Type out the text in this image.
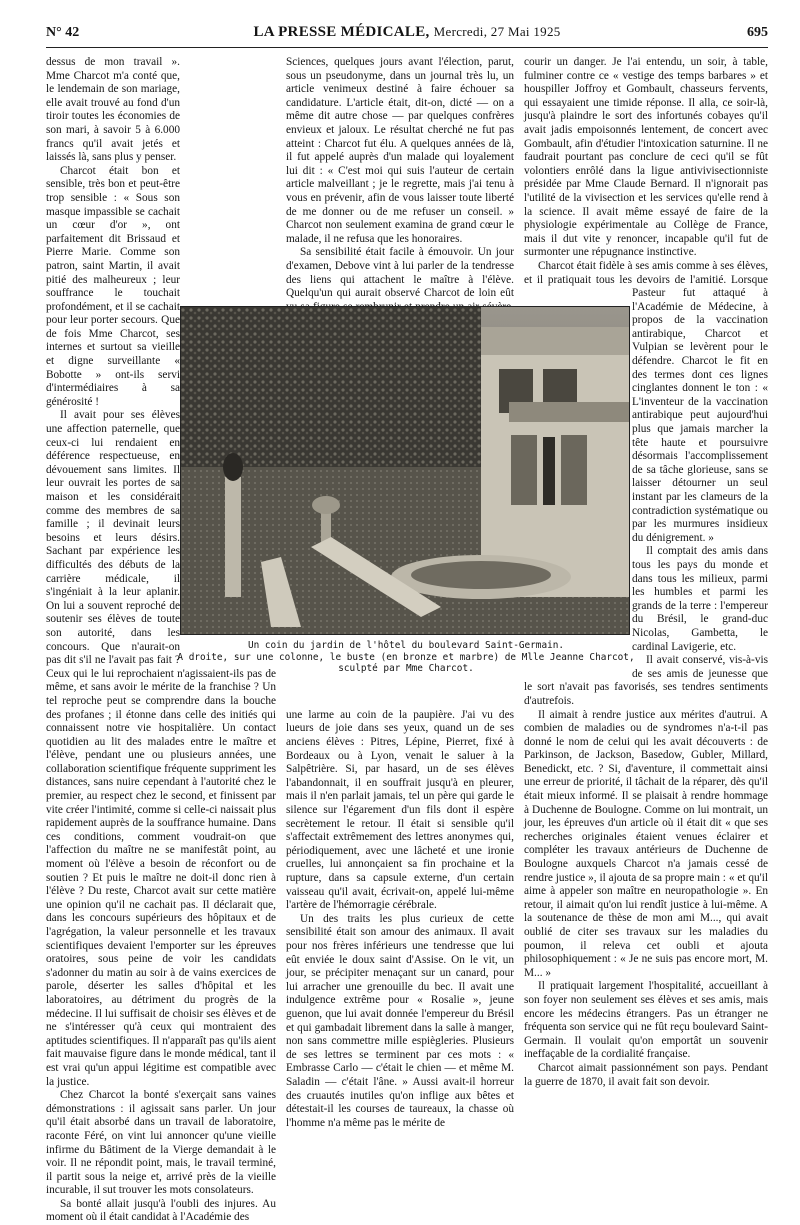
N° 42	LA PRESSE MÉDICALE, Mercredi, 27 Mai 1925	695

dessus de mon travail ». Mme Charcot m'a conté que, le lendemain de son mariage, elle avait trouvé au fond d'un tiroir toutes les économies de son mari, à savoir 5 à 6.000 francs qu'il avait jetés et laissés là, sans plus y penser.

Charcot était bon et sensible, très bon et peut-être trop sensible : « Sous son masque impassible se cachait un cœur d'or », ont parfaitement dit Brissaud et Pierre Marie. Comme son patron, saint Martin, il avait pitié des malheureux ; leur souffrance le touchait profondément, et il se cachait pour leur porter secours. Que de fois Mme Charcot, ses internes et surtout sa vieille et digne surveillante « Bobotte » ont-ils servi d'intermédiaires à sa générosité !

Il avait pour ses élèves une affection paternelle, que ceux-ci lui rendaient en déférence respectueuse, en dévouement sans limites. Il leur ouvrait les portes de sa maison et les considérait comme des membres de sa famille ; il devinait leurs besoins et leurs désirs. Sachant par expérience les difficultés des débuts de la carrière médicale, il s'ingéniait à la leur aplanir. On lui a souvent reproché de soutenir ses élèves de toute son autorité, dans les concours. Que n'aurait-on pas dit s'il ne l'avait pas fait ? Ceux qui le lui reprochaient n'agissaient-ils pas de même, et sans avoir le mérite de la franchise ? Un tel reproche peut se comprendre dans la bouche des profanes ; il étonne dans celle des initiés qui connaissent notre vie hospitalière. Un contact quotidien au lit des malades entre le maître et l'élève, pendant une ou plusieurs années, une collaboration scientifique fréquente suppriment les distances, sans nuire cependant à l'autorité chez le premier, au respect chez le second, et finissent par vite créer l'intimité, comme si celle-ci naissait plus rapidement auprès de la souffrance humaine. Dans ces conditions, comment voudrait-on que l'affection du maître ne se manifestât point, au moment où l'élève a besoin de réconfort ou de soutien ? Et puis le maître ne doit-il donc rien à l'élève ? Du reste, Charcot avait sur cette matière une opinion qu'il ne cachait pas. Il déclarait que, dans les concours supérieurs des hôpitaux et de l'agrégation, la valeur personnelle et les travaux scientifiques devaient l'emporter sur les épreuves oratoires, sous peine de voir les candidats s'adonner du matin au soir à de vains exercices de parole, déserter les salles d'hôpital et les laboratoires, au détriment du progrès de la médecine. Il lui suffisait de choisir ses élèves et de ne s'intéresser qu'à ceux qui montraient des aptitudes scientifiques. Il n'apparaît pas qu'ils aient fait mauvaise figure dans le monde médical, tant il est vrai qu'un appui légitime est compatible avec la justice.

Chez Charcot la bonté s'exerçait sans vaines démonstrations : il agissait sans parler. Un jour qu'il était absorbé dans un travail de laboratoire, raconte Féré, on vint lui annoncer qu'une vieille infirme du Bâtiment de la Vierge demandait à le voir. Il ne répondit point, mais, le travail terminé, il partit sous la neige et, arrivé près de la vieille incurable, il sut trouver les mots consolateurs.

Sa bonté allait jusqu'à l'oubli des injures. Au moment où il était candidat à l'Académie des

Sciences, quelques jours avant l'élection, parut, sous un pseudonyme, dans un journal très lu, un article venimeux destiné à faire échouer sa candidature. L'article était, dit-on, dicté — on a même dit autre chose — par quelques confrères envieux et jaloux. Le résultat cherché ne fut pas atteint : Charcot fut élu. A quelques années de là, il fut appelé auprès d'un malade qui loyalement lui dit : « C'est moi qui suis l'auteur de certain article malveillant ; je le regrette, mais j'ai tenu à vous en prévenir, afin de vous laisser toute liberté de me donner ou de me refuser un conseil. » Charcot non seulement examina de grand cœur le malade, il ne refusa que les honoraires.

Sa sensibilité était facile à émouvoir. Un jour d'examen, Debove vint à lui parler de la tendresse des liens qui attachent le maître à l'élève. Quelqu'un qui aurait observé Charcot de loin eût

une larme au coin de la paupière. J'ai vu des lueurs de joie dans ses yeux, quand un de ses anciens élèves : Pitres, Lépine, Pierret, fixé à Bordeaux ou à Lyon, venait le saluer à la Salpêtrière. Si, par hasard, un de ses élèves l'abandonnait, il en souffrait jusqu'à en pleurer, mais il n'en parlait jamais, tel un père qui garde le silence sur l'égarement d'un fils dont il espère secrètement le retour. Il était si sensible qu'il s'affectait extrêmement des lettres anonymes qui, périodiquement, avec une lâcheté et une ironie cruelles, lui annonçaient sa fin prochaine et la rupture, dans sa capsule externe, d'un certain vaisseau qu'il avait, écrivait-on, appelé lui-même l'artère de l'hémorragie cérébrale.

Un des traits les plus curieux de cette sensibilité était son amour des animaux. Il avait pour nos frères inférieurs une tendresse que lui eût enviée le doux saint d'Assise. On le vit, un jour, se précipiter menaçant sur un canard, pour lui arracher une grenouille du bec. Il avait une indulgence extrême pour « Rosalie », jeune guenon, que lui avait donnée l'empereur du Brésil et qui gambadait librement dans la salle à manger, non sans commettre mille espiègleries. Plusieurs de ses lettres se terminent par ces mots : « Embrasse Carlo — c'était le chien — et même M. Saladin — c'était l'âne. » Aussi avait-il horreur des cruautés inutiles qu'on inflige aux bêtes et détestait-il les courses de taureaux, la chasse où l'homme n'a même pas le mérite de

courir un danger. Je l'ai entendu, un soir, à table, fulminer contre ce « vestige des temps barbares » et houspiller Joffroy et Gombault, chasseurs fervents, qui essayaient une timide réponse. Il alla, ce soir-là, jusqu'à plaindre le sort des infortunés cobayes qu'il avait jadis empoisonnés lentement, de concert avec Gombault, afin d'étudier l'intoxication saturnine. Il ne faudrait pourtant pas conclure de ceci qu'il se fût volontiers enrôlé dans la ligue antivivisectionniste présidée par Mme Claude Bernard. Il n'ignorait pas l'utilité de la vivisection et les services qu'elle rend à la science. Il avait même essayé de faire de la physiologie expérimentale au Collège de France, mais il dut vite y renoncer, incapable qu'il fut de surmonter une répugnance instinctive.

Charcot était fidèle à ses amis comme à ses élèves, et il pratiquait tous les devoirs de l'amitié. Lorsque Pasteur fut attaqué à l'Académie de Médecine, à propos de la vaccination antirabique, Charcot et Vulpian se levèrent pour le défendre. Charcot le fit en des termes dont ces lignes cinglantes donnent le ton : « L'inventeur de la vaccination antirabique peut aujourd'hui plus que jamais marcher la tête haute et poursuivre désormais l'accomplissement de sa tâche glorieuse, sans se laisser détourner un seul instant par les clameurs de la contradiction systématique ou par les murmures insidieux du dénigrement. »

Il comptait des amis dans tous les pays du monde et dans tous les milieux, parmi les humbles et parmi les grands de la terre : l'empereur du Brésil, le grand-duc Nicolas, Gambetta, le cardinal Lavigerie, etc.

Il avait conservé, vis-à-vis de ses amis de jeunesse que le sort n'avait pas favorisés, ses tendres sentiments d'autrefois.

Il aimait à rendre justice aux mérites d'autrui. A combien de maladies ou de syndromes n'a-t-il pas donné le nom de celui qui les avait découverts : de Parkinson, de Jackson, Basedow, Gubler, Millard, Benedickt, etc. ? Si, d'aventure, il commettait ainsi une erreur de priorité, il tâchait de la réparer, dès qu'il était mieux informé. Il se plaisait à rendre hommage à Duchenne de Boulogne. Comme on lui montrait, un jour, les épreuves d'un article où il était dit « que ses recherches originales étaient venues éclairer et compléter les travaux antérieurs de Duchenne de Boulogne auxquels Charcot n'a jamais cessé de rendre justice », il ajouta de sa propre main : « et qu'il aime à appeler son maître en neuropathologie ». En retour, il aimait qu'on lui rendît justice à lui-même. A la soutenance de thèse de mon ami M..., qui avait oublié de citer ses travaux sur les maladies du poumon, il releva cet oubli et ajouta philosophiquement : « Je ne suis pas encore mort, M. M... »

Il pratiquait largement l'hospitalité, accueillant à son foyer non seulement ses élèves et ses amis, mais encore les médecins étrangers. Pas un étranger ne fréquenta son service qui ne fût reçu boulevard Saint-Germain. Il voulait qu'on emportât un souvenir ineffaçable de la cordialité française.

Charcot aimait passionnément son pays. Pendant la guerre de 1870, il avait fait son devoir.

Un coin du jardin de l'hôtel du boulevard Saint-Germain.
A droite, sur une colonne, le buste (en bronze et marbre) de Mlle Jeanne Charcot, sculpté par Mme Charcot.
